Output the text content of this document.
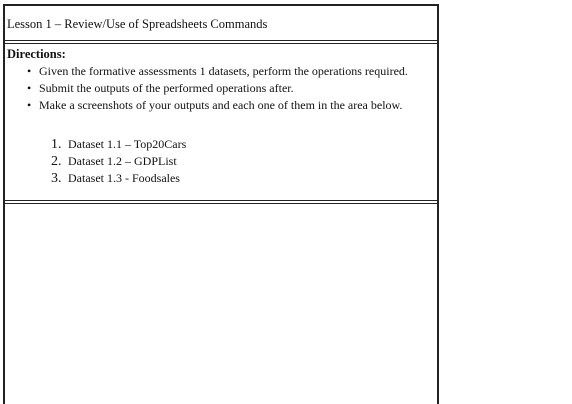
Lesson 1 – Review/Use of Spreadsheets Commands
Directions:
• Given the formative assessments 1 datasets, perform the operations required.
• Submit the outputs of the performed operations after.
• Make a screenshots of your outputs and each one of them in the area below.
1. Dataset 1.1 – Top20Cars
2. Dataset 1.2 – GDPList
3. Dataset 1.3 - Foodsales
